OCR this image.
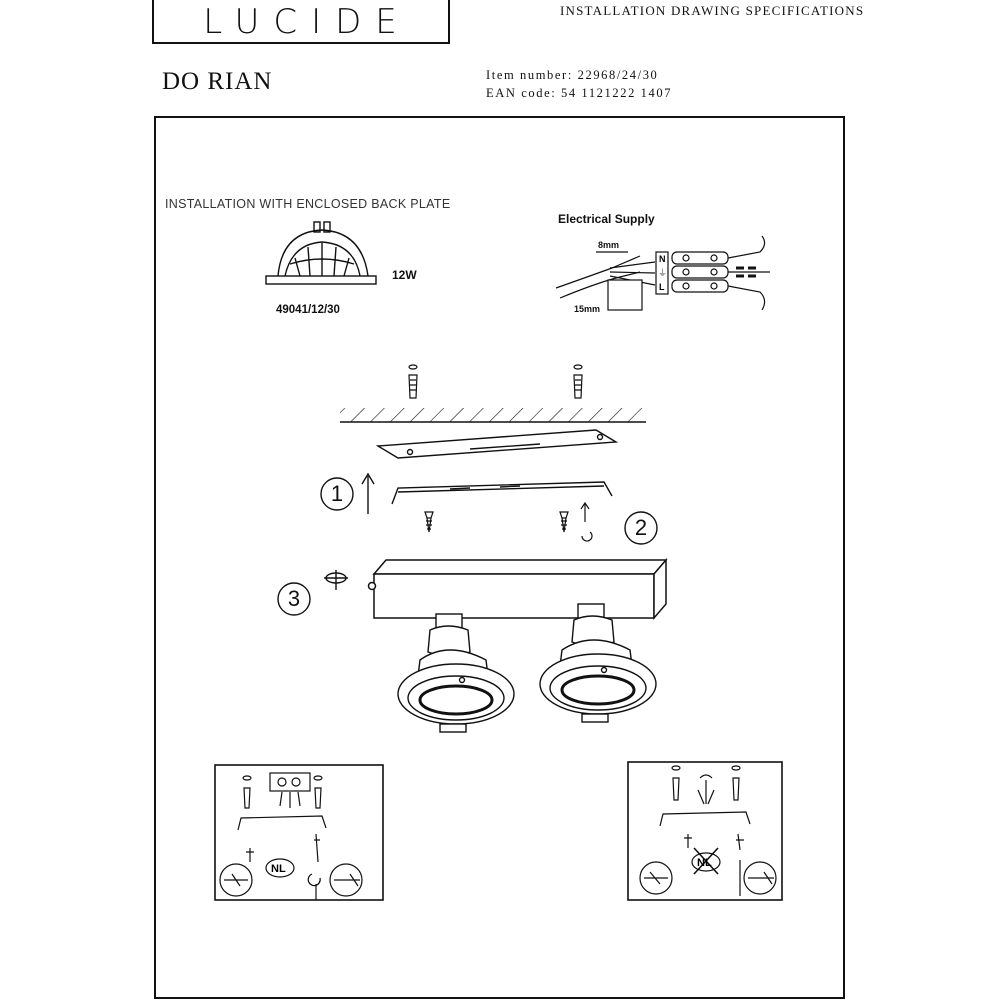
LUCIDE	INSTALLATION DRAWING SPECIFICATIONS
DO RIAN	Item number: 22968/24/30
EAN code: 54 1121222 1407
INSTALLATION WITH ENCLOSED BACK PLATE
Electrical Supply
12W
49041/12/30
8mm
15mm
1
2
3
N
⏚
L
NL	NL
